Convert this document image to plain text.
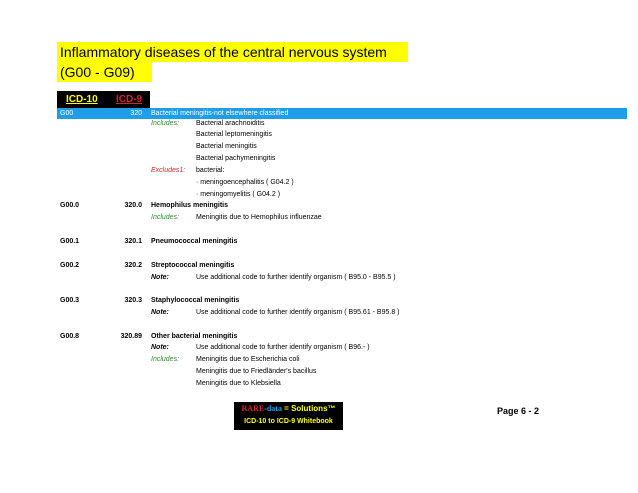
Inflammatory diseases of the central nervous system
(G00 - G09)
ICD-10 ICD-9
G00	320 Bacterial meningitis-not elsewhere classified
Includes: Bacterial arachnoiditis
Bacterial leptomeningitis
Bacterial meningitis
Bacterial pachymeningitis
Excludes1: bacterial:
· meningoencephalitis ( G04.2 )
· meningomyelitis ( G04.2 )
G00.0	320.0 Hemophilus meningitis
Includes: Meningitis due to Hemophilus influenzae
G00.1	320.1 Pneumococcal meningitis
G00.2	320.2 Streptococcal meningitis
Note:	Use additional code to further identify organism ( B95.0 - B95.5 )
G00.3	320.3 Staphylococcal meningitis
Note:	Use additional code to further identify organism ( B95.61 - B95.8 )
G00.8	320.89 Other bacterial meningitis
Note:	Use additional code to further identify organism ( B96.- )
Includes: Meningitis due to Escherichia coli
Meningitis due to Friedländer's bacillus
Meningitis due to Klebsiella
RARE-data = Solutions™
ICD-10 to ICD-9 Whitebook
Page 6 - 2
